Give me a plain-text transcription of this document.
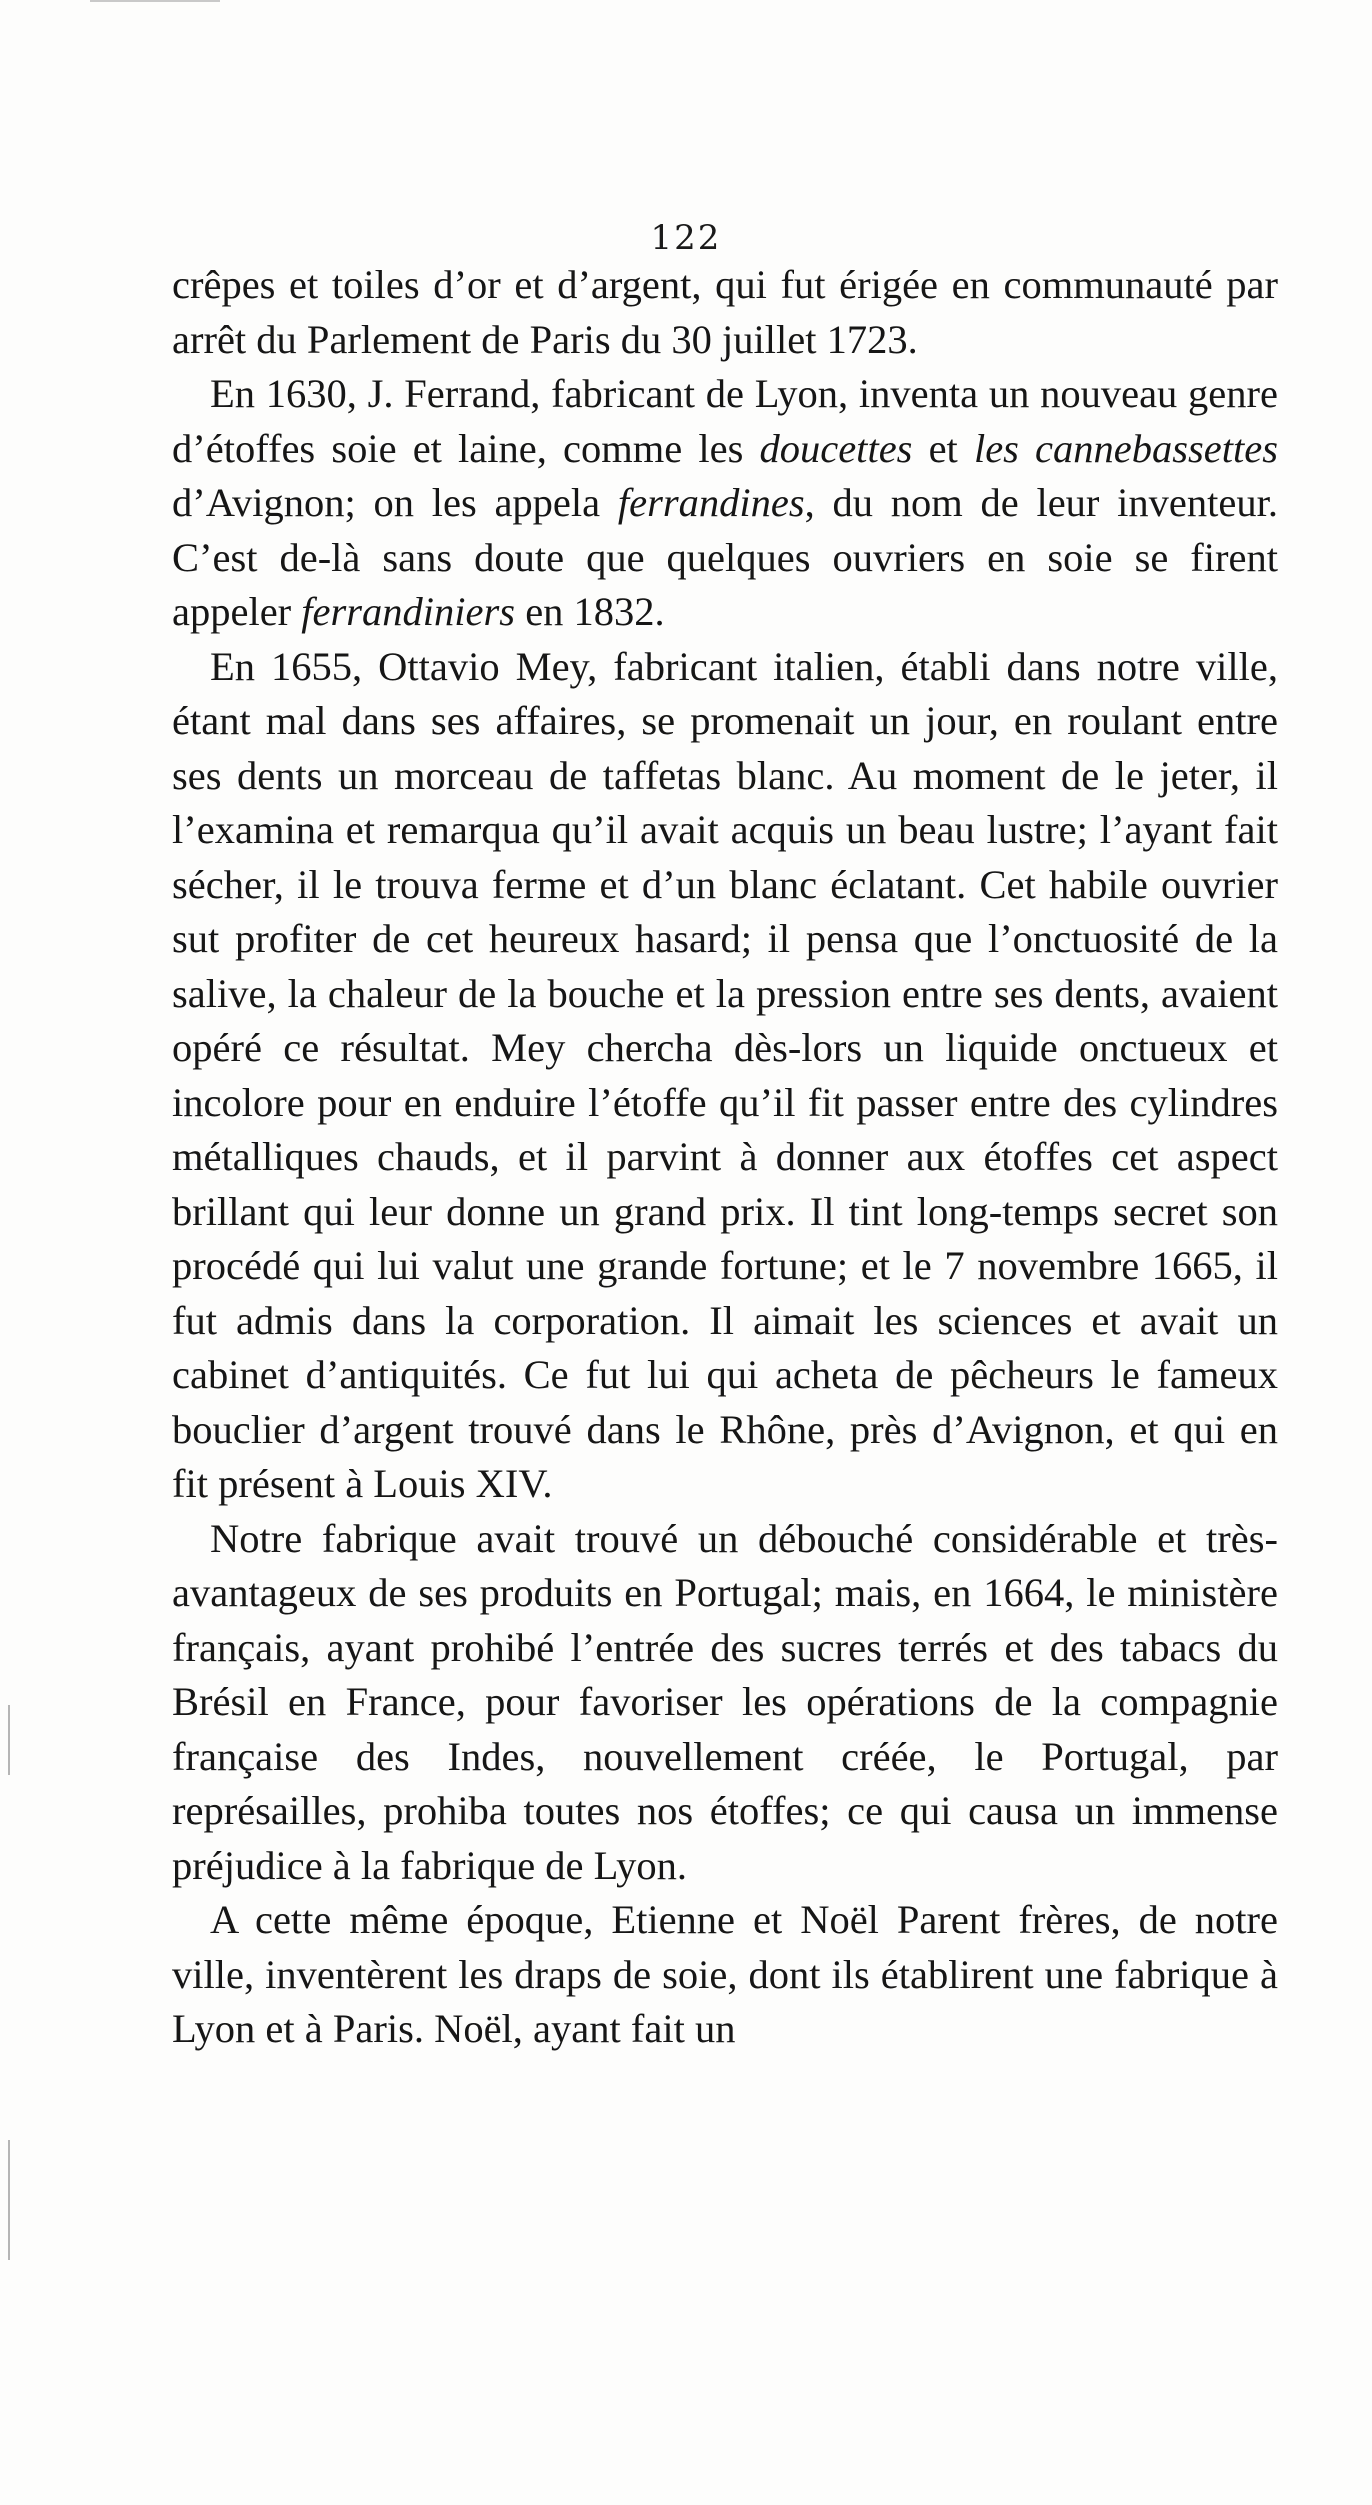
122

crêpes et toiles d’or et d’argent, qui fut érigée en communauté par arrêt du Parlement de Paris du 30 juillet 1723.

En 1630, J. Ferrand, fabricant de Lyon, inventa un nouveau genre d’étoffes soie et laine, comme les doucettes et les cannebassettes d’Avignon; on les appela ferrandines, du nom de leur inventeur. C’est de-là sans doute que quelques ouvriers en soie se firent appeler ferrandiniers en 1832.

En 1655, Ottavio Mey, fabricant italien, établi dans notre ville, étant mal dans ses affaires, se promenait un jour, en roulant entre ses dents un morceau de taffetas blanc. Au moment de le jeter, il l’examina et remarqua qu’il avait acquis un beau lustre; l’ayant fait sécher, il le trouva ferme et d’un blanc éclatant. Cet habile ouvrier sut profiter de cet heureux hasard; il pensa que l’onctuosité de la salive, la chaleur de la bouche et la pression entre ses dents, avaient opéré ce résultat. Mey chercha dès-lors un liquide onctueux et incolore pour en enduire l’étoffe qu’il fit passer entre des cylindres métalliques chauds, et il parvint à donner aux étoffes cet aspect brillant qui leur donne un grand prix. Il tint long-temps secret son procédé qui lui valut une grande fortune; et le 7 novembre 1665, il fut admis dans la corporation. Il aimait les sciences et avait un cabinet d’antiquités. Ce fut lui qui acheta de pêcheurs le fameux bouclier d’argent trouvé dans le Rhône, près d’Avignon, et qui en fit présent à Louis XIV.

Notre fabrique avait trouvé un débouché considérable et très-avantageux de ses produits en Portugal; mais, en 1664, le ministère français, ayant prohibé l’entrée des sucres terrés et des tabacs du Brésil en France, pour favoriser les opérations de la compagnie française des Indes, nouvellement créée, le Portugal, par représailles, prohiba toutes nos étoffes; ce qui causa un immense préjudice à la fabrique de Lyon.

A cette même époque, Etienne et Noël Parent frères, de notre ville, inventèrent les draps de soie, dont ils établirent une fabrique à Lyon et à Paris. Noël, ayant fait un
